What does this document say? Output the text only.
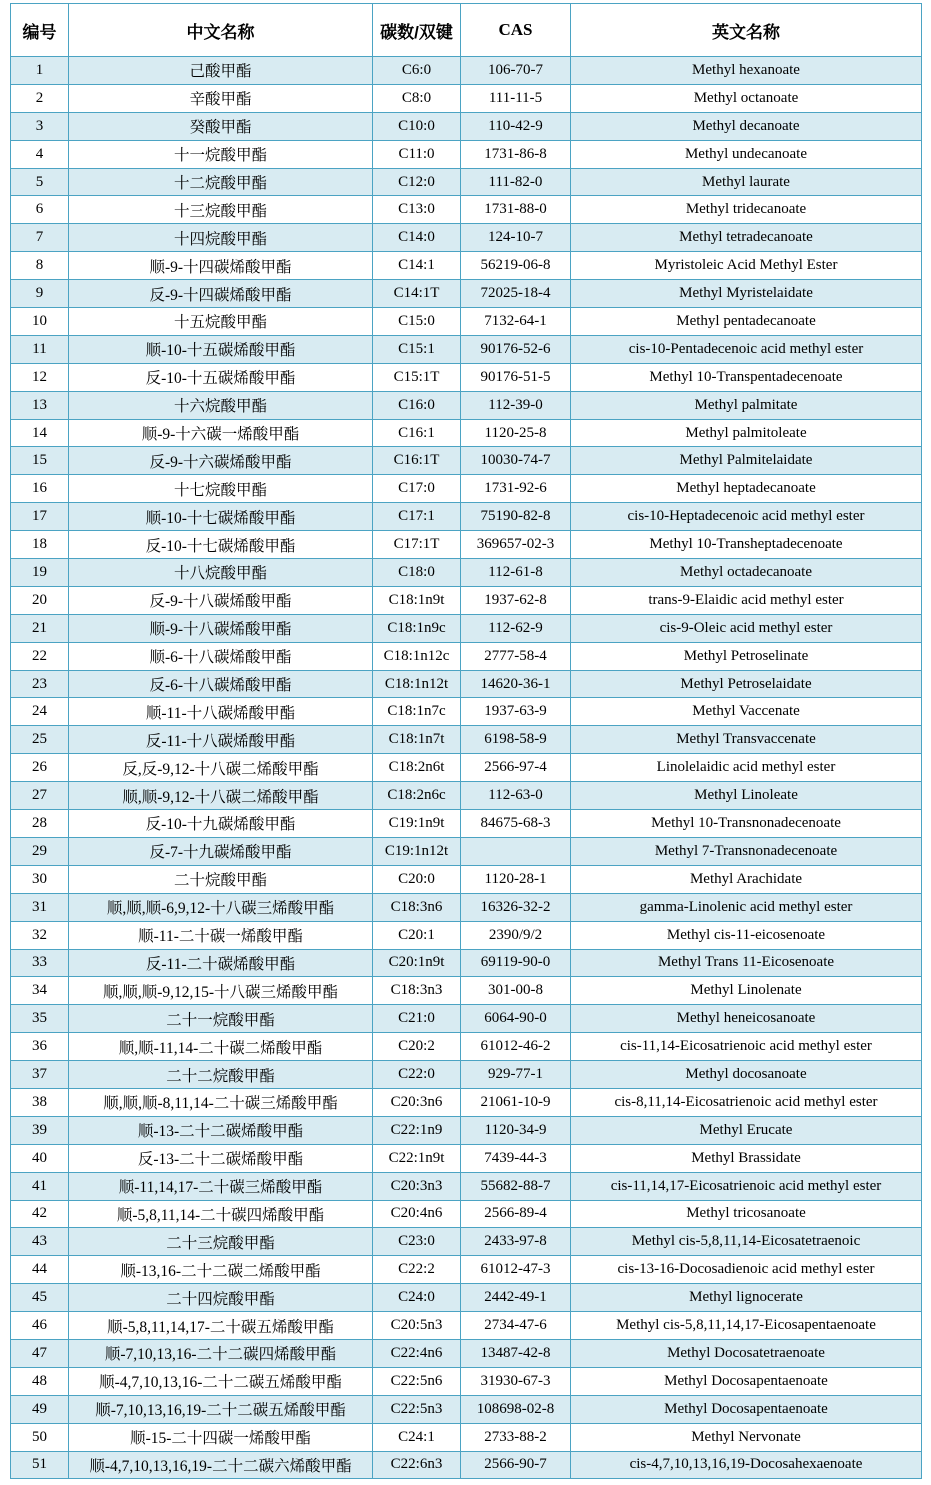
编号	中文名称	碳数/双键	CAS	英文名称
1	己酸甲酯	C6:0	106-70-7	Methyl hexanoate
2	辛酸甲酯	C8:0	111-11-5	Methyl octanoate
3	癸酸甲酯	C10:0	110-42-9	Methyl decanoate
4	十一烷酸甲酯	C11:0	1731-86-8	Methyl undecanoate
5	十二烷酸甲酯	C12:0	111-82-0	Methyl laurate
6	十三烷酸甲酯	C13:0	1731-88-0	Methyl tridecanoate
7	十四烷酸甲酯	C14:0	124-10-7	Methyl tetradecanoate
8	顺-9-十四碳烯酸甲酯	C14:1	56219-06-8	Myristoleic Acid Methyl Ester
9	反-9-十四碳烯酸甲酯	C14:1T	72025-18-4	Methyl Myristelaidate
10	十五烷酸甲酯	C15:0	7132-64-1	Methyl pentadecanoate
11	顺-10-十五碳烯酸甲酯	C15:1	90176-52-6	cis-10-Pentadecenoic acid methyl ester
12	反-10-十五碳烯酸甲酯	C15:1T	90176-51-5	Methyl 10-Transpentadecenoate
13	十六烷酸甲酯	C16:0	112-39-0	Methyl palmitate
14	顺-9-十六碳一烯酸甲酯	C16:1	1120-25-8	Methyl palmitoleate
15	反-9-十六碳烯酸甲酯	C16:1T	10030-74-7	Methyl Palmitelaidate
16	十七烷酸甲酯	C17:0	1731-92-6	Methyl heptadecanoate
17	顺-10-十七碳烯酸甲酯	C17:1	75190-82-8	cis-10-Heptadecenoic acid methyl ester
18	反-10-十七碳烯酸甲酯	C17:1T	369657-02-3	Methyl 10-Transheptadecenoate
19	十八烷酸甲酯	C18:0	112-61-8	Methyl octadecanoate
20	反-9-十八碳烯酸甲酯	C18:1n9t	1937-62-8	trans-9-Elaidic acid methyl ester
21	顺-9-十八碳烯酸甲酯	C18:1n9c	112-62-9	cis-9-Oleic acid methyl ester
22	顺-6-十八碳烯酸甲酯	C18:1n12c	2777-58-4	Methyl Petroselinate
23	反-6-十八碳烯酸甲酯	C18:1n12t	14620-36-1	Methyl Petroselaidate
24	顺-11-十八碳烯酸甲酯	C18:1n7c	1937-63-9	Methyl Vaccenate
25	反-11-十八碳烯酸甲酯	C18:1n7t	6198-58-9	Methyl Transvaccenate
26	反,反-9,12-十八碳二烯酸甲酯	C18:2n6t	2566-97-4	Linolelaidic acid methyl ester
27	顺,顺-9,12-十八碳二烯酸甲酯	C18:2n6c	112-63-0	Methyl Linoleate
28	反-10-十九碳烯酸甲酯	C19:1n9t	84675-68-3	Methyl 10-Transnonadecenoate
29	反-7-十九碳烯酸甲酯	C19:1n12t		Methyl 7-Transnonadecenoate
30	二十烷酸甲酯	C20:0	1120-28-1	Methyl Arachidate
31	顺,顺,顺-6,9,12-十八碳三烯酸甲酯	C18:3n6	16326-32-2	gamma-Linolenic acid methyl ester
32	顺-11-二十碳一烯酸甲酯	C20:1	2390/9/2	Methyl cis-11-eicosenoate
33	反-11-二十碳烯酸甲酯	C20:1n9t	69119-90-0	Methyl Trans 11-Eicosenoate
34	顺,顺,顺-9,12,15-十八碳三烯酸甲酯	C18:3n3	301-00-8	Methyl Linolenate
35	二十一烷酸甲酯	C21:0	6064-90-0	Methyl heneicosanoate
36	顺,顺-11,14-二十碳二烯酸甲酯	C20:2	61012-46-2	cis-11,14-Eicosatrienoic acid methyl ester
37	二十二烷酸甲酯	C22:0	929-77-1	Methyl docosanoate
38	顺,顺,顺-8,11,14-二十碳三烯酸甲酯	C20:3n6	21061-10-9	cis-8,11,14-Eicosatrienoic acid methyl ester
39	顺-13-二十二碳烯酸甲酯	C22:1n9	1120-34-9	Methyl Erucate
40	反-13-二十二碳烯酸甲酯	C22:1n9t	7439-44-3	Methyl Brassidate
41	顺-11,14,17-二十碳三烯酸甲酯	C20:3n3	55682-88-7	cis-11,14,17-Eicosatrienoic acid methyl ester
42	顺-5,8,11,14-二十碳四烯酸甲酯	C20:4n6	2566-89-4	Methyl tricosanoate
43	二十三烷酸甲酯	C23:0	2433-97-8	Methyl cis-5,8,11,14-Eicosatetraenoic
44	顺-13,16-二十二碳二烯酸甲酯	C22:2	61012-47-3	cis-13-16-Docosadienoic acid methyl ester
45	二十四烷酸甲酯	C24:0	2442-49-1	Methyl lignocerate
46	顺-5,8,11,14,17-二十碳五烯酸甲酯	C20:5n3	2734-47-6	Methyl cis-5,8,11,14,17-Eicosapentaenoate
47	顺-7,10,13,16-二十二碳四烯酸甲酯	C22:4n6	13487-42-8	Methyl Docosatetraenoate
48	顺-4,7,10,13,16-二十二碳五烯酸甲酯	C22:5n6	31930-67-3	Methyl Docosapentaenoate
49	顺-7,10,13,16,19-二十二碳五烯酸甲酯	C22:5n3	108698-02-8	Methyl Docosapentaenoate
50	顺-15-二十四碳一烯酸甲酯	C24:1	2733-88-2	Methyl Nervonate
51	顺-4,7,10,13,16,19-二十二碳六烯酸甲酯	C22:6n3	2566-90-7	cis-4,7,10,13,16,19-Docosahexaenoate
